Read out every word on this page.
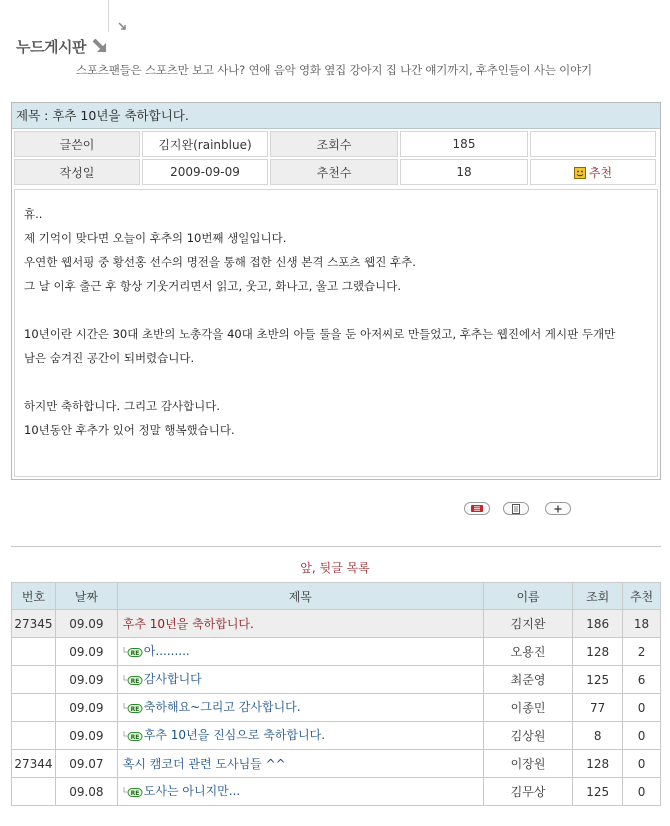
누드게시판
스포츠팬들은 스포츠만 보고 사나? 연애 음악 영화 옆집 강아지 집 나간 얘기까지, 후추인들이 사는 이야기
제목 : 후추 10년을 축하합니다.
글쓴이	김지완(rainblue)	조회수	185	
작성일	2009-09-09	추천수	18	추천

휴..

제 기억이 맞다면 오늘이 후추의 10번째 생일입니다.

우연한 웹서핑 중 황선홍 선수의 명전을 통해 접한 신생 본격 스포츠 웹진 후추.

그 날 이후 출근 후 항상 기웃거리면서 읽고, 웃고, 화나고, 울고 그랬습니다.

10년이란 시간은 30대 초반의 노총각을 40대 초반의 아들 둘을 둔 아저씨로 만들었고, 후추는 웹진에서 게시판 두개만

남은 숨겨진 공간이 되버렸습니다.

하지만 축하합니다. 그리고 감사합니다.

10년동안 후추가 있어 정말 행복했습니다.

앞, 뒷글 목록
번호	날짜	제목	이름	조회	추천
27345	09.09	후추 10년을 축하합니다.	김지완	186	18
	09.09	RE 아.........	오용진	128	2
	09.09	RE 감사합니다	최준영	125	6
	09.09	RE 축하해요~그리고 감사합니다.	이종민	77	0
	09.09	RE 후추 10년을 진심으로 축하합니다.	김상원	8	0
27344	09.07	혹시 캠코더 관련 도사님들 ^^	이장원	128	0
	09.08	RE 도사는 아니지만...	김무상	125	0
